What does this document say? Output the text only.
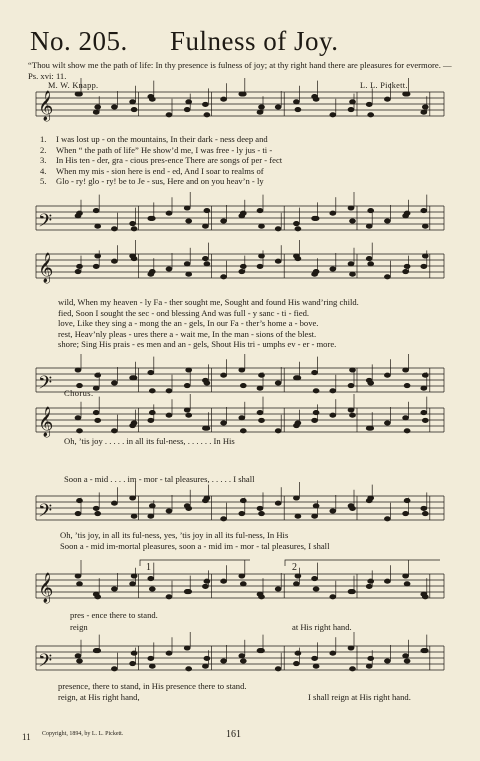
No. 205. Fulness of Joy.
“Thou wilt show me the path of life: In thy presence is fulness of joy; at thy right hand there are pleasures for evermore. — Ps. xvi: 11.
M. W. Knapp.	L. L. Pickett.
𝄞
𝄢
𝄞
𝄢
𝄞
𝄢
𝄞
𝄢
1	2
1. I was lost up - on the mountains, In their dark - ness deep and
2. When “ the path of life” He show’d me, I was free - ly jus - ti -
3. In His ten - der, gra - cious pres-ence There are songs of per - fect
4. When my mis - sion here is end - ed, And I soar to realms of
5. Glo - ry! glo - ry! be to Je - sus, Here and on you heav’n - ly
wild, When my heaven - ly Fa - ther sought me, Sought and found His wand’ring child.
fied, Soon I sought the sec - ond blessing And was full - y sanc - ti - fied.
love, Like they sing a - mong the an - gels, In our Fa - ther’s home a - bove.
rest, Heav’nly pleas - ures there a - wait me, In the man - sions of the blest.
shore; Sing His prais - es men and an - gels, Shout His tri - umphs ev - er - more.
Chorus.
Oh, ’tis joy . . . . . in all its ful-ness, . . . . . . In His
Soon a - mid . . . . im - mor - tal pleasures, . . . . . I shall
Oh, ’tis joy, in all its ful-ness, yes, ’tis joy in all its ful-ness, In His
Soon a - mid im-mortal pleasures, soon a - mid im - mor - tal pleasures, I shall
pres - ence there to stand.
reign	at His right hand.
presence, there to stand, in His presence there to stand.
reign, at His right hand,	I shall reign at His right hand.
11 Copyright, 1894, by L. L. Pickett.	161
